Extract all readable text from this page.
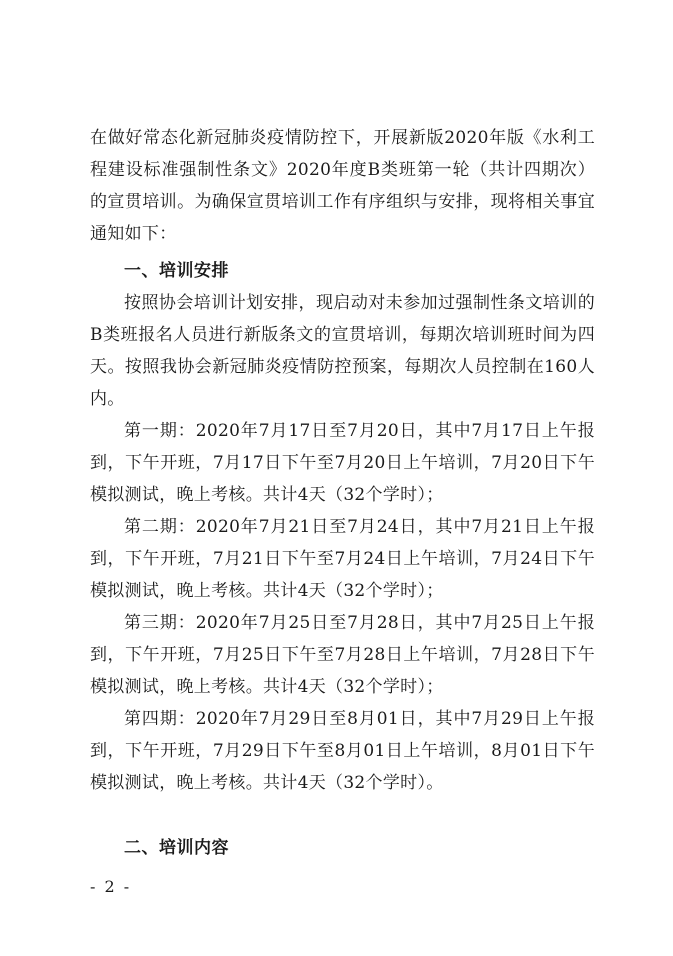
在做好常态化新冠肺炎疫情防控下，开展新版2020年版《水利工程建设标准强制性条文》2020年度B类班第一轮（共计四期次）的宣贯培训。为确保宣贯培训工作有序组织与安排，现将相关事宜通知如下：

一、培训安排

按照协会培训计划安排，现启动对未参加过强制性条文培训的B类班报名人员进行新版条文的宣贯培训，每期次培训班时间为四天。按照我协会新冠肺炎疫情防控预案，每期次人员控制在160人内。

第一期：2020年7月17日至7月20日，其中7月17日上午报到，下午开班，7月17日下午至7月20日上午培训，7月20日下午模拟测试，晚上考核。共计4天（32个学时）；

第二期：2020年7月21日至7月24日，其中7月21日上午报到，下午开班，7月21日下午至7月24日上午培训，7月24日下午模拟测试，晚上考核。共计4天（32个学时）；

第三期：2020年7月25日至7月28日，其中7月25日上午报到，下午开班，7月25日下午至7月28日上午培训，7月28日下午模拟测试，晚上考核。共计4天（32个学时）；

第四期：2020年7月29日至8月01日，其中7月29日上午报到，下午开班，7月29日下午至8月01日上午培训，8月01日下午模拟测试，晚上考核。共计4天（32个学时）。

二、培训内容
- 2 -
